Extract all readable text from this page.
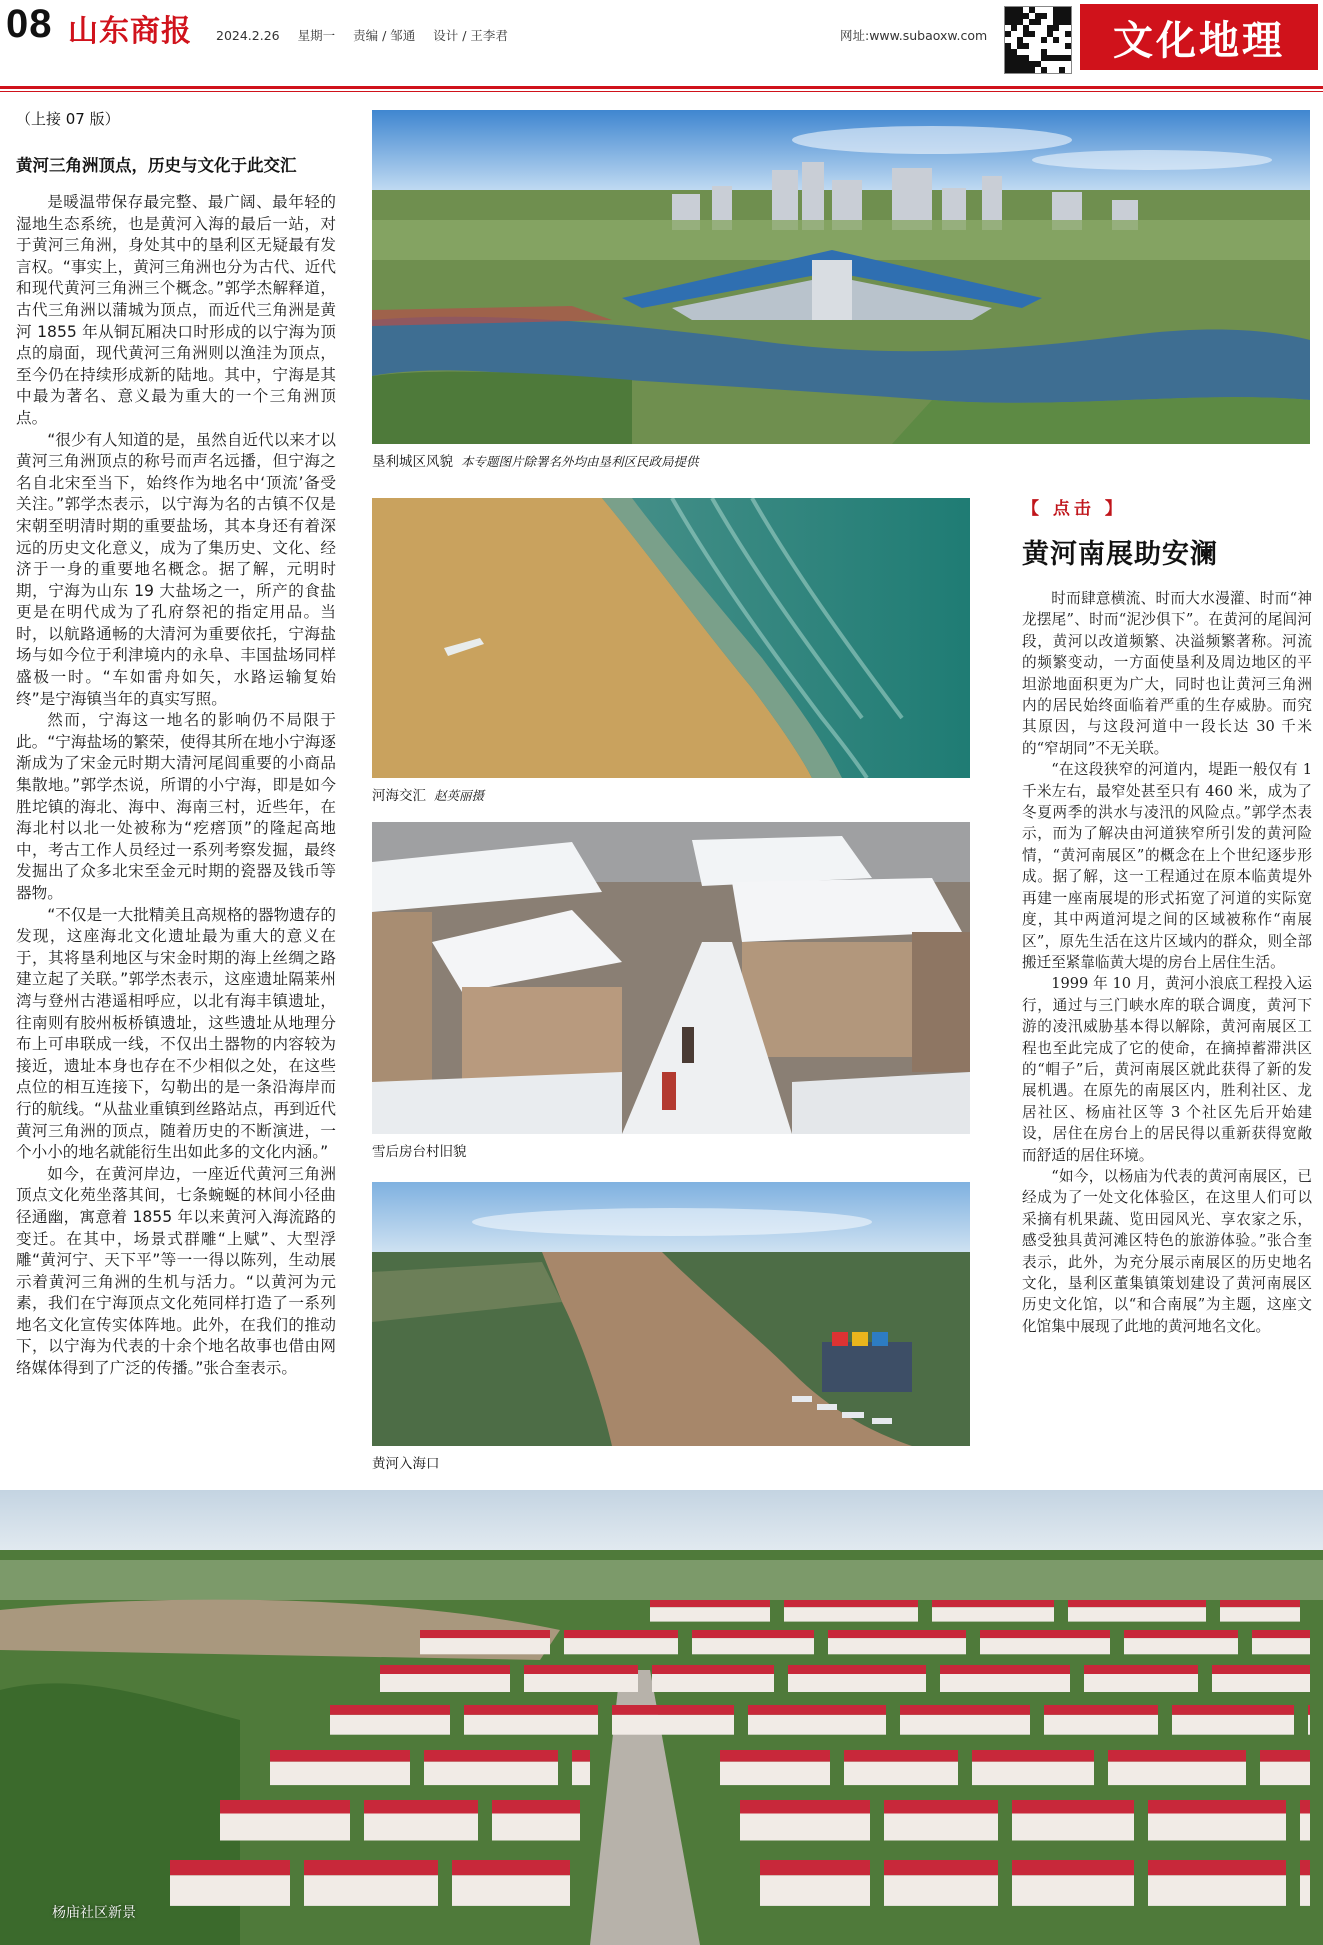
08 山东商报 2024.2.26 星期一 责编 / 邹通 设计 / 王李君	网址:www.subaoxw.com	文化地理
（上接 07 版）
黄河三角洲顶点，历史与文化于此交汇

是暖温带保存最完整、最广阔、最年轻的湿地生态系统，也是黄河入海的最后一站，对于黄河三角洲，身处其中的垦利区无疑最有发言权。“事实上，黄河三角洲也分为古代、近代和现代黄河三角洲三个概念。”郭学杰解释道，古代三角洲以蒲城为顶点，而近代三角洲是黄河 1855 年从铜瓦厢决口时形成的以宁海为顶点的扇面，现代黄河三角洲则以渔洼为顶点，至今仍在持续形成新的陆地。其中，宁海是其中最为著名、意义最为重大的一个三角洲顶点。

“很少有人知道的是，虽然自近代以来才以黄河三角洲顶点的称号而声名远播，但宁海之名自北宋至当下，始终作为地名中‘顶流’备受关注。”郭学杰表示，以宁海为名的古镇不仅是宋朝至明清时期的重要盐场，其本身还有着深远的历史文化意义，成为了集历史、文化、经济于一身的重要地名概念。据了解，元明时期，宁海为山东 19 大盐场之一，所产的食盐更是在明代成为了孔府祭祀的指定用品。当时，以航路通畅的大清河为重要依托，宁海盐场与如今位于利津境内的永阜、丰国盐场同样盛极一时。“车如雷舟如矢，水路运输复始终”是宁海镇当年的真实写照。

然而，宁海这一地名的影响仍不局限于此。“宁海盐场的繁荣，使得其所在地小宁海逐渐成为了宋金元时期大清河尾闾重要的小商品集散地。”郭学杰说，所谓的小宁海，即是如今胜坨镇的海北、海中、海南三村，近些年，在海北村以北一处被称为“疙瘩顶”的隆起高地中，考古工作人员经过一系列考察发掘，最终发掘出了众多北宋至金元时期的瓷器及钱币等器物。

“不仅是一大批精美且高规格的器物遗存的发现，这座海北文化遗址最为重大的意义在于，其将垦利地区与宋金时期的海上丝绸之路建立起了关联。”郭学杰表示，这座遗址隔莱州湾与登州古港遥相呼应，以北有海丰镇遗址，往南则有胶州板桥镇遗址，这些遗址从地理分布上可串联成一线，不仅出土器物的内容较为接近，遗址本身也存在不少相似之处，在这些点位的相互连接下，勾勒出的是一条沿海岸而行的航线。“从盐业重镇到丝路站点，再到近代黄河三角洲的顶点，随着历史的不断演进，一个小小的地名就能衍生出如此多的文化内涵。”

如今，在黄河岸边，一座近代黄河三角洲顶点文化苑坐落其间，七条蜿蜒的林间小径曲径通幽，寓意着 1855 年以来黄河入海流路的变迁。在其中，场景式群雕“上赋”、大型浮雕“黄河宁、天下平”等一一得以陈列，生动展示着黄河三角洲的生机与活力。“以黄河为元素，我们在宁海顶点文化苑同样打造了一系列地名文化宣传实体阵地。此外，在我们的推动下，以宁海为代表的十余个地名故事也借由网络媒体得到了广泛的传播。”张合奎表示。

垦利城区风貌 本专题图片除署名外均由垦利区民政局提供
河海交汇 赵英丽摄
雪后房台村旧貌
黄河入海口
【 点击 】
黄河南展助安澜

时而肆意横流、时而大水漫灌、时而“神龙摆尾”、时而“泥沙俱下”。在黄河的尾闾河段，黄河以改道频繁、决溢频繁著称。河流的频繁变动，一方面使垦利及周边地区的平坦淤地面积更为广大，同时也让黄河三角洲内的居民始终面临着严重的生存威胁。而究其原因，与这段河道中一段长达 30 千米的“窄胡同”不无关联。

“在这段狭窄的河道内，堤距一般仅有 1 千米左右，最窄处甚至只有 460 米，成为了冬夏两季的洪水与凌汛的风险点。”郭学杰表示，而为了解决由河道狭窄所引发的黄河险情，“黄河南展区”的概念在上个世纪逐步形成。据了解，这一工程通过在原本临黄堤外再建一座南展堤的形式拓宽了河道的实际宽度，其中两道河堤之间的区域被称作“南展区”，原先生活在这片区域内的群众，则全部搬迁至紧靠临黄大堤的房台上居住生活。

1999 年 10 月，黄河小浪底工程投入运行，通过与三门峡水库的联合调度，黄河下游的凌汛威胁基本得以解除，黄河南展区工程也至此完成了它的使命，在摘掉蓄滞洪区的“帽子”后，黄河南展区就此获得了新的发展机遇。在原先的南展区内，胜利社区、龙居社区、杨庙社区等 3 个社区先后开始建设，居住在房台上的居民得以重新获得宽敞而舒适的居住环境。

“如今，以杨庙为代表的黄河南展区，已经成为了一处文化体验区，在这里人们可以采摘有机果蔬、览田园风光、享农家之乐，感受独具黄河滩区特色的旅游体验。”张合奎表示，此外，为充分展示南展区的历史地名文化，垦利区董集镇策划建设了黄河南展区历史文化馆，以“和合南展”为主题，这座文化馆集中展现了此地的黄河地名文化。

杨庙社区新景
